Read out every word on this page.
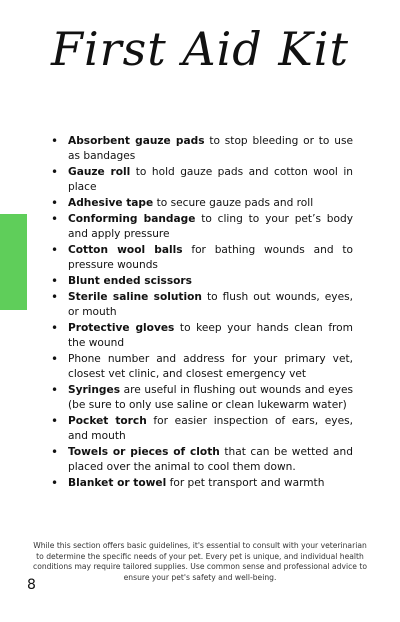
First Aid Kit
• Absorbent gauze pads to stop bleeding or to use as bandages
• Gauze roll to hold gauze pads and cotton wool in place
• Adhesive tape to secure gauze pads and roll
• Conforming bandage to cling to your pet’s body and apply pressure
• Cotton wool balls for bathing wounds and to pressure wounds
• Blunt ended scissors
• Sterile saline solution to flush out wounds, eyes, or mouth
• Protective gloves to keep your hands clean from the wound
• Phone number and address for your primary vet, closest vet clinic, and closest emergency vet
• Syringes are useful in flushing out wounds and eyes (be sure to only use saline or clean lukewarm water)
• Pocket torch for easier inspection of ears, eyes, and mouth
• Towels or pieces of cloth that can be wetted and placed over the animal to cool them down.
• Blanket or towel for pet transport and warmth
While this section offers basic guidelines, it's essential to consult with your veterinarian to determine the specific needs of your pet. Every pet is unique, and individual health conditions may require tailored supplies. Use common sense and professional advice to ensure your pet's safety and well-being.
8
